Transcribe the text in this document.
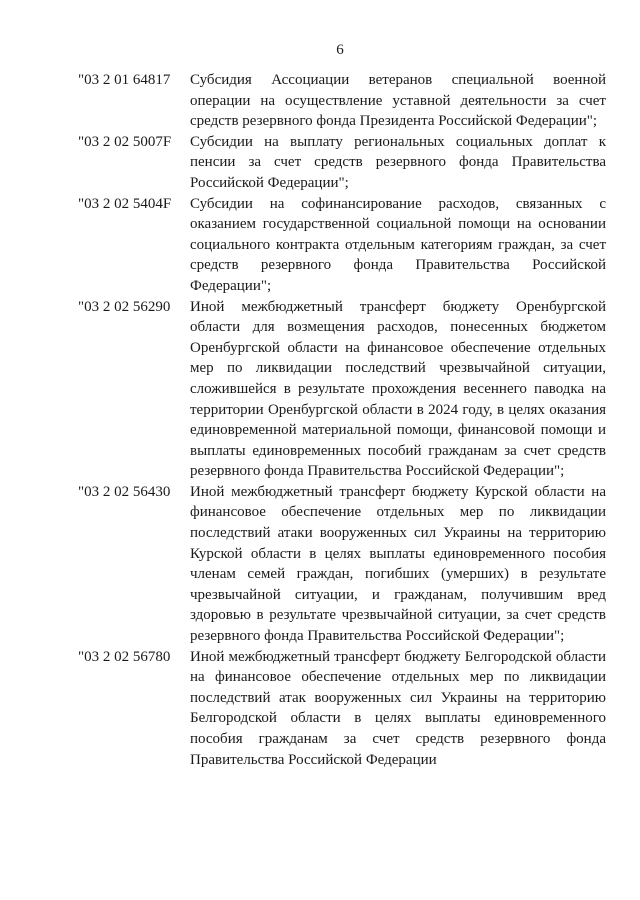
6
"03 2 01 64817	Субсидия Ассоциации ветеранов специальной военной операции на осуществление уставной деятельности за счет средств резервного фонда Президента Российской Федерации";
"03 2 02 5007F	Субсидии на выплату региональных социальных доплат к пенсии за счет средств резервного фонда Правительства Российской Федерации";
"03 2 02 5404F	Субсидии на софинансирование расходов, связанных с оказанием государственной социальной помощи на основании социального контракта отдельным категориям граждан, за счет средств резервного фонда Правительства Российской Федерации";
"03 2 02 56290	Иной межбюджетный трансферт бюджету Оренбургской области для возмещения расходов, понесенных бюджетом Оренбургской области на финансовое обеспечение отдельных мер по ликвидации последствий чрезвычайной ситуации, сложившейся в результате прохождения весеннего паводка на территории Оренбургской области в 2024 году, в целях оказания единовременной материальной помощи, финансовой помощи и выплаты единовременных пособий гражданам за счет средств резервного фонда Правительства Российской Федерации";
"03 2 02 56430	Иной межбюджетный трансферт бюджету Курской области на финансовое обеспечение отдельных мер по ликвидации последствий атаки вооруженных сил Украины на территорию Курской области в целях выплаты единовременного пособия членам семей граждан, погибших (умерших) в результате чрезвычайной ситуации, и гражданам, получившим вред здоровью в результате чрезвычайной ситуации, за счет средств резервного фонда Правительства Российской Федерации";
"03 2 02 56780	Иной межбюджетный трансферт бюджету Белгородской области на финансовое обеспечение отдельных мер по ликвидации последствий атак вооруженных сил Украины на территорию Белгородской области в целях выплаты единовременного пособия гражданам за счет средств резервного фонда Правительства Российской Федерации
